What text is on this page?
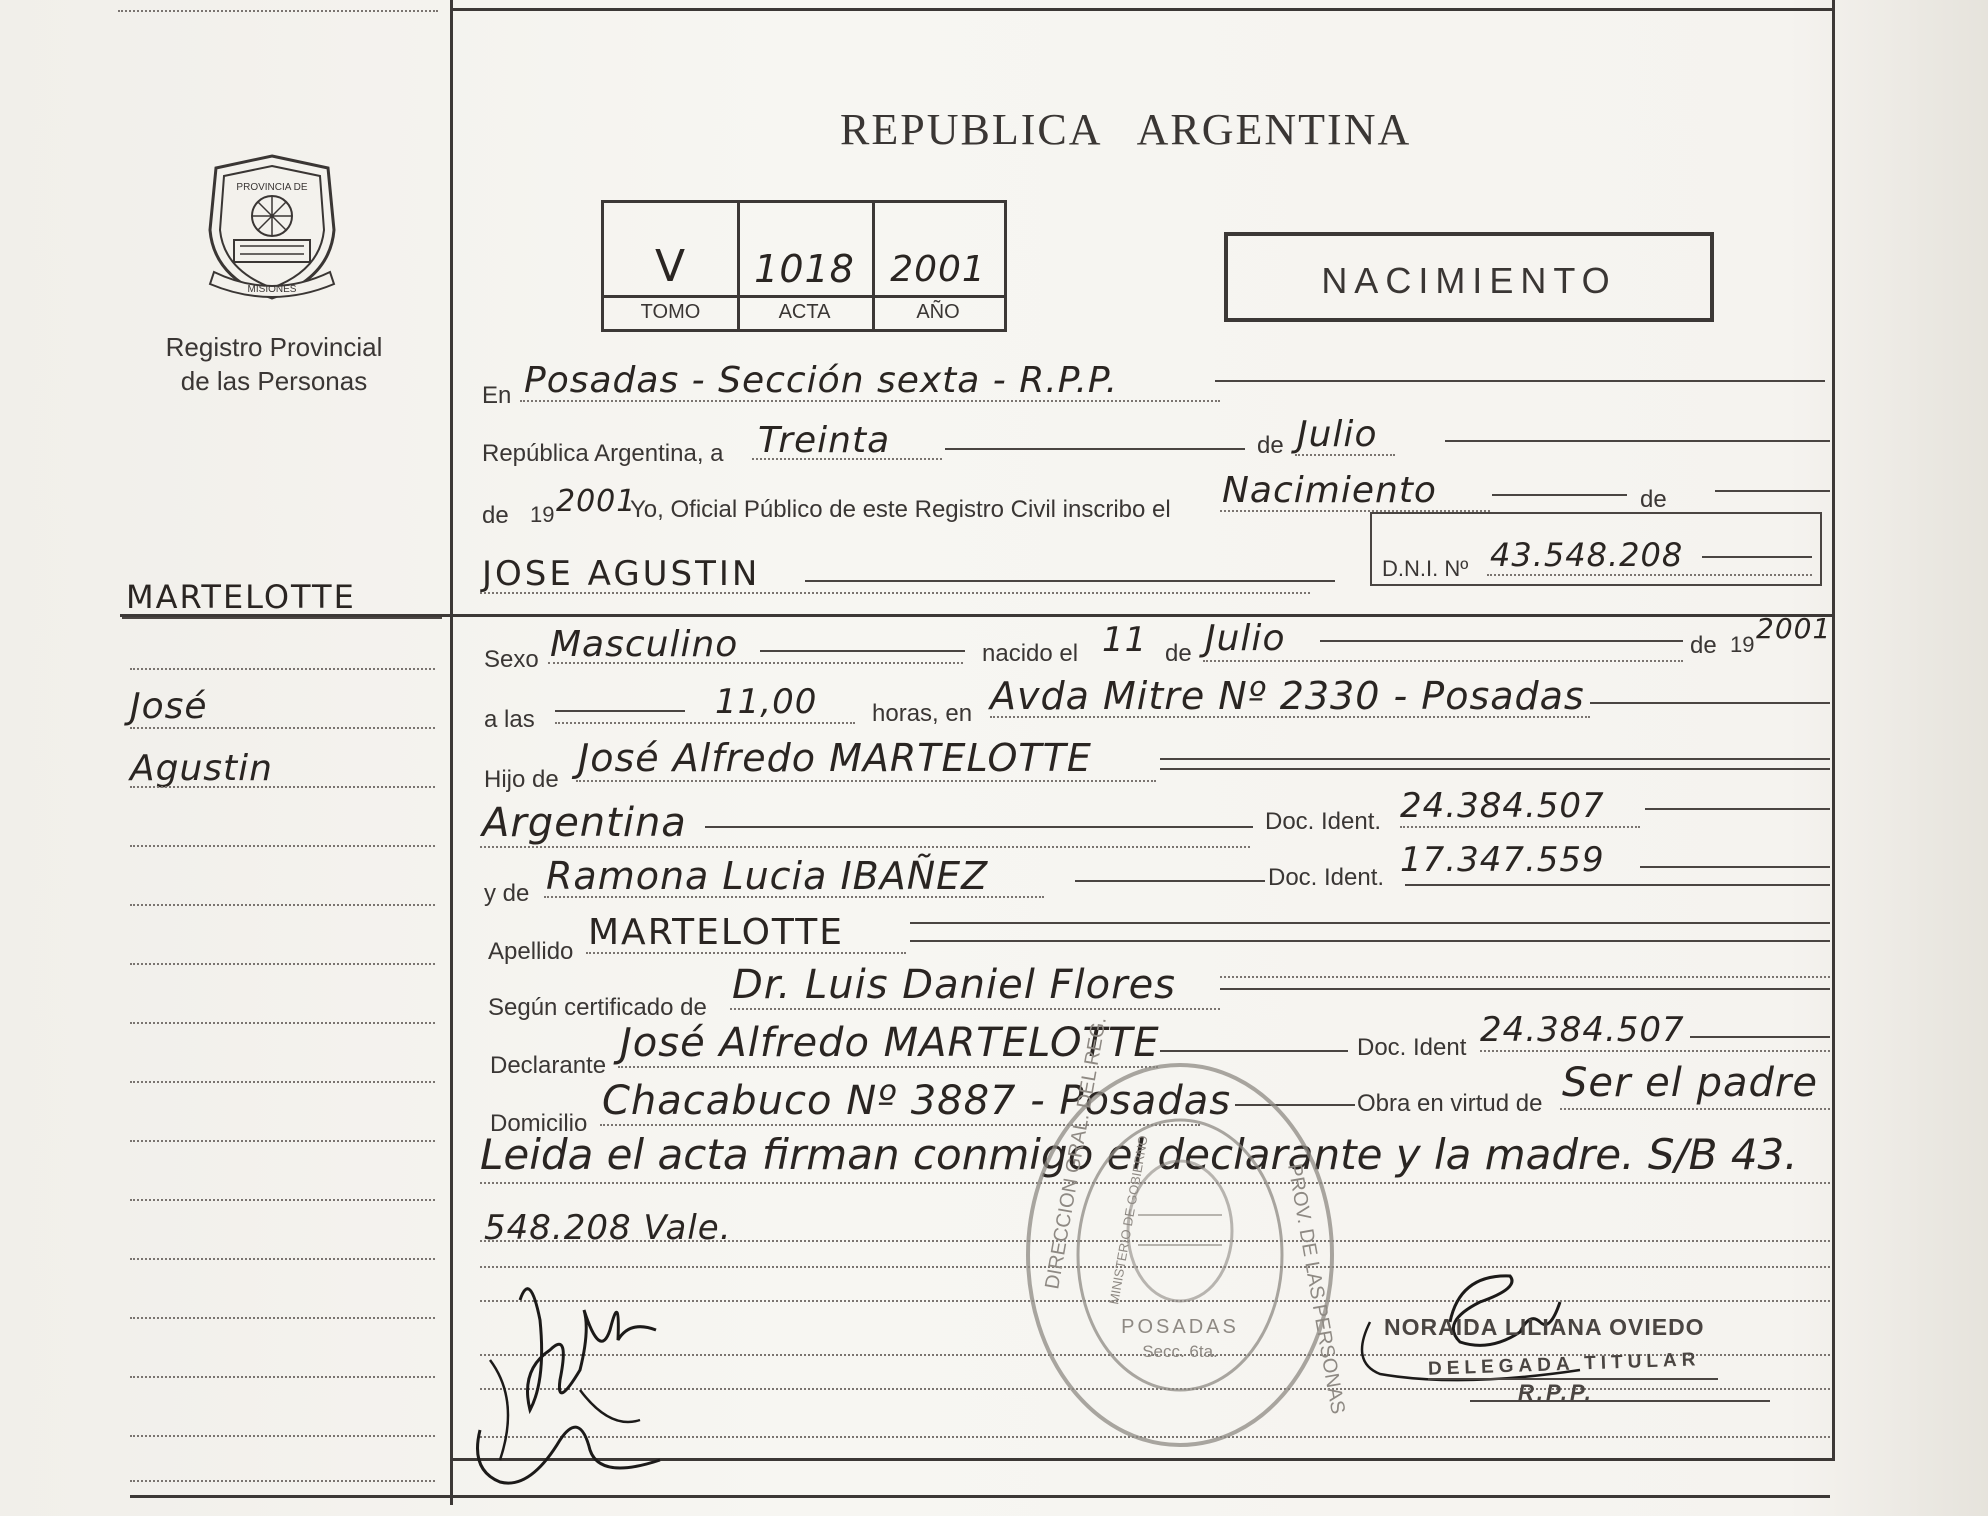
PROVINCIA DE
MISIONES
Registro Provincial
de las Personas
REPUBLICA   ARGENTINA
V	1018 2001
TOMO	ACTA	AÑO
NACIMIENTO
MARTELOTTE
José
Agustin
En Posadas - Sección sexta - R.P.P.
República Argentina, a Treinta	de Julio
de 19 2001
Yo, Oficial Público de este Registro Civil inscribo el Nacimiento	de
JOSE AGUSTIN	D.N.I. Nº 43.548.208
Sexo Masculino	nacido el 11 de Julio	de 19 2001
a las	11,00 horas, en Avda Mitre Nº 2330 - Posadas
Hijo de José Alfredo MARTELOTTE
Argentina	Doc. Ident. 24.384.507
y de Ramona Lucia IBAÑEZ	Doc. Ident. 17.347.559
Apellido MARTELOTTE
Según certificado de Dr. Luis Daniel Flores
Declarante José Alfredo MARTELOTTE	Doc. Ident 24.384.507
Domicilio Chacabuco Nº 3887 - Posadas	Obra en virtud de Ser el padre
Leida el acta firman conmigo el declarante y la madre. S/B 43.
548.208 Vale.	DIRECCION GRAL. DEL REG.	PROV. DE LAS PERSONAS
MINISTERIO DE GOBIERNO
POSADAS
Secc. 6ta.
NORAIDA LILIANA OVIEDO
DELEGADA TITULAR
R.P.P.
